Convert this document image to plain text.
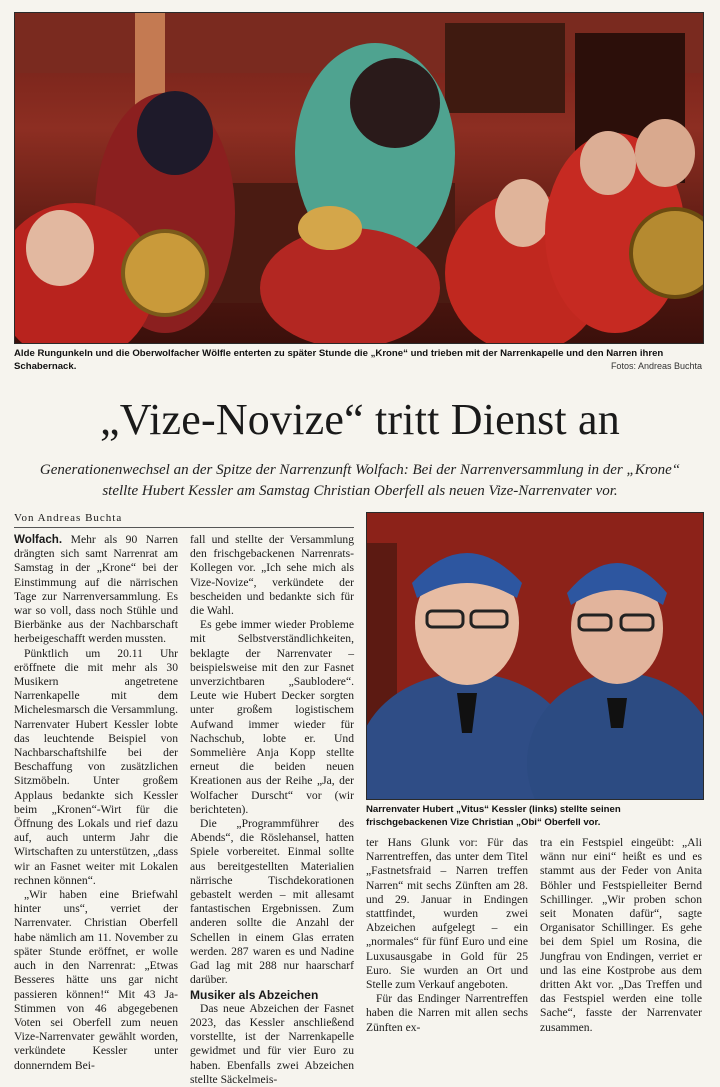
Alde Rungunkeln und die Oberwolfacher Wölfle enterten zu später Stunde die „Krone“ und trieben mit der Narrenkapelle und den Narren ihren Schabernack.	Fotos: Andreas Buchta
„Vize-Novize“ tritt Dienst an
Generationenwechsel an der Spitze der Narrenzunft Wolfach: Bei der Narrenversammlung in der „Krone“ stellte Hubert Kessler am Samstag Christian Oberfell als neuen Vize-Narrenvater vor.
Von Andreas Buchta

Wolfach. Mehr als 90 Narren drängten sich samt Narrenrat am Samstag in der „Krone“ bei der Einstimmung auf die närrischen Tage zur Narrenversammlung. Es war so voll, dass noch Stühle und Bierbänke aus der Nachbarschaft herbeigeschafft werden mussten.

Pünktlich um 20.11 Uhr eröffnete die mit mehr als 30 Musikern angetretene Narrenkapelle mit dem Michelesmarsch die Versammlung. Narrenvater Hubert Kessler lobte das leuchtende Beispiel von Nachbarschaftshilfe bei der Beschaffung von zusätzlichen Sitzmöbeln. Unter großem Applaus bedankte sich Kessler beim „Kronen“-Wirt für die Öffnung des Lokals und rief dazu auf, auch unterm Jahr die Wirtschaften zu unterstützen, „dass wir an Fasnet weiter mit Lokalen rechnen können“.

„Wir haben eine Briefwahl hinter uns“, verriet der Narrenvater. Christian Oberfell habe nämlich am 11. November zu später Stunde eröffnet, er wolle auch in den Narrenrat: „Etwas Besseres hätte uns gar nicht passieren können!“ Mit 43 Ja-Stimmen von 46 abgegebenen Voten sei Oberfell zum neuen Vize-Narrenvater gewählt worden, verkündete Kessler unter donnerndem Bei-

fall und stellte der Versammlung den frischgebackenen Narrenrats-Kollegen vor. „Ich sehe mich als Vize-Novize“, verkündete der bescheiden und bedankte sich für die Wahl.

Es gebe immer wieder Probleme mit Selbstverständlichkeiten, beklagte der Narrenvater – beispielsweise mit den zur Fasnet unverzichtbaren „Saublodere“. Leute wie Hubert Decker sorgten unter großem logistischem Aufwand immer wieder für Nachschub, lobte er. Und Sommelière Anja Kopp stellte erneut die beiden neuen Kreationen aus der Reihe „Ja, der Wolfacher Durscht“ vor (wir berichteten).

Die „Programmführer des Abends“, die Röslehansel, hatten Spiele vorbereitet. Einmal sollte aus bereitgestellten Materialien närrische Tischdekorationen gebastelt werden – mit allesamt fantastischen Ergebnissen. Zum anderen sollte die Anzahl der Schellen in einem Glas erraten werden. 287 waren es und Nadine Gad lag mit 288 nur haarscharf darüber.

Musiker als Abzeichen

Das neue Abzeichen der Fasnet 2023, das Kessler anschließend vorstellte, ist der Narrenkapelle gewidmet und für vier Euro zu haben. Ebenfalls zwei Abzeichen stellte Säckelmeis-

Narrenvater Hubert „Vitus“ Kessler (links) stellte seinen frischgebackenen Vize Christian „Obi“ Oberfell vor.

ter Hans Glunk vor: Für das Narrentreffen, das unter dem Titel „Fastnetsfraid – Narren treffen Narren“ mit sechs Zünften am 28. und 29. Januar in Endingen stattfindet, wurden zwei Abzeichen aufgelegt – ein „normales“ für fünf Euro und eine Luxusausgabe in Gold für 25 Euro. Sie wurden an Ort und Stelle zum Verkauf angeboten.

Für das Endinger Narrentreffen haben die Narren mit allen sechs Zünften ex-

tra ein Festspiel eingeübt: „Ali wänn nur eini“ heißt es und es stammt aus der Feder von Anita Böhler und Festspielleiter Bernd Schillinger. „Wir proben schon seit Monaten dafür“, sagte Organisator Schillinger. Es gehe bei dem Spiel um Rosina, die Jungfrau von Endingen, verriet er und las eine Kostprobe aus dem dritten Akt vor. „Das Treffen und das Festspiel werden eine tolle Sache“, fasste der Narrenvater zusammen.
